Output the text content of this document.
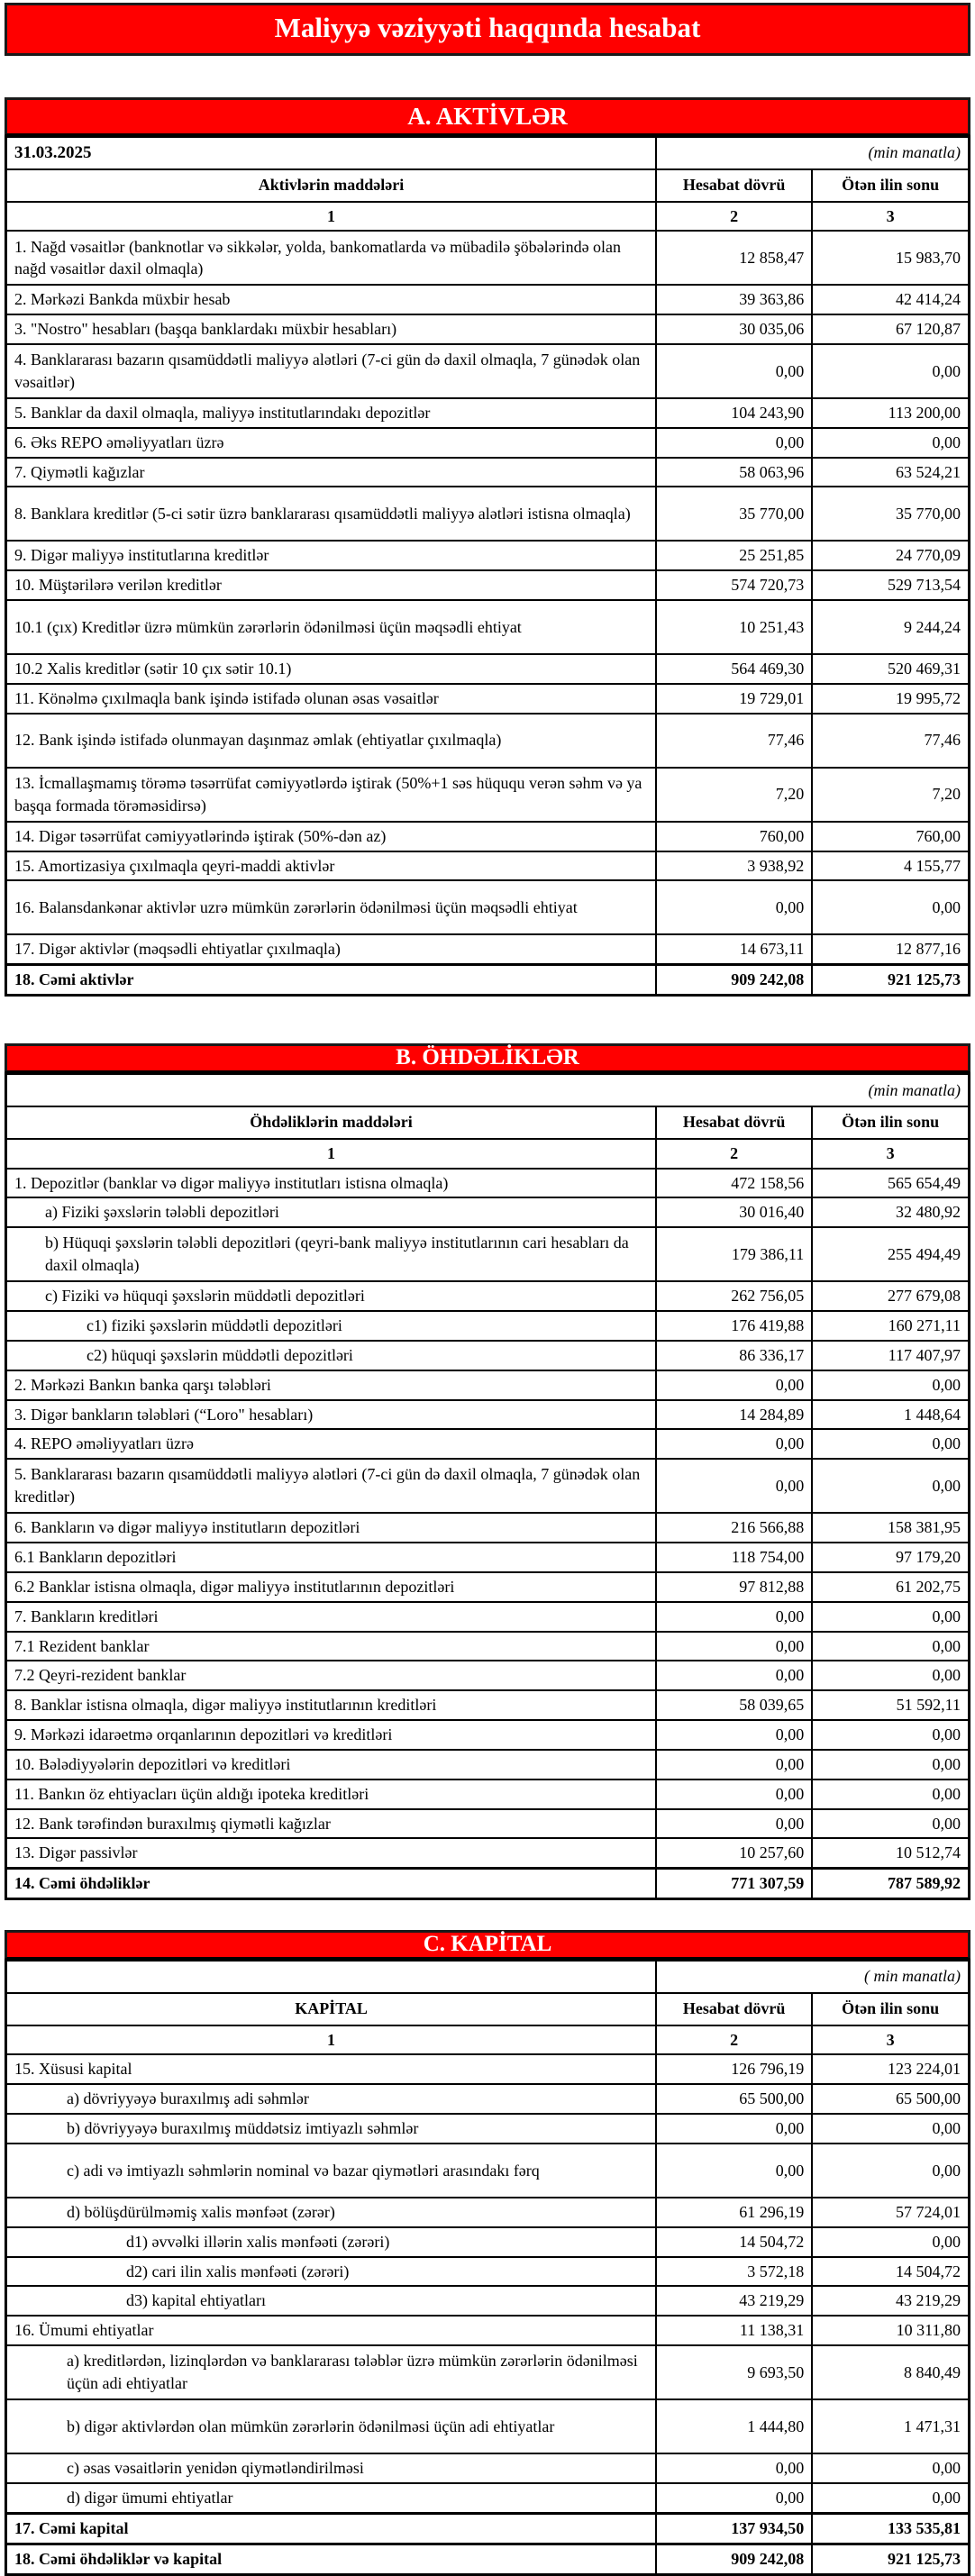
Maliyyə vəziyyəti haqqında hesabat
A. AKTİVLƏR
31.03.2025	(min manatla)	
Aktivlərin maddələri	Hesabat dövrü	Ötən ilin sonu
1	2	3
1. Nağd vəsaitlər (banknotlar və sikkələr, yolda, bankomatlarda və mübadilə şöbələrində olan nağd vəsaitlər daxil olmaqla)	12 858,47	15 983,70
2. Mərkəzi Bankda müxbir hesab	39 363,86	42 414,24
3. "Nostro" hesabları (başqa banklardakı müxbir hesabları)	30 035,06	67 120,87
4. Banklararası bazarın qısamüddətli maliyyə alətləri (7-ci gün də daxil olmaqla, 7 günədək olan vəsaitlər)	0,00	0,00
5. Banklar da daxil olmaqla, maliyyə institutlarındakı depozitlər	104 243,90	113 200,00
6. Əks REPO əməliyyatları üzrə	0,00	0,00
7. Qiymətli kağızlar	58 063,96	63 524,21
8. Banklara kreditlər (5-ci sətir üzrə banklararası qısamüddətli maliyyə alətləri istisna olmaqla)	35 770,00	35 770,00
9. Digər maliyyə institutlarına kreditlər	25 251,85	24 770,09
10. Müştərilərə verilən kreditlər	574 720,73	529 713,54
10.1 (çıx) Kreditlər üzrə mümkün zərərlərin ödənilməsi üçün məqsədli ehtiyat	10 251,43	9 244,24
10.2 Xalis kreditlər (sətir 10 çıx sətir 10.1)	564 469,30	520 469,31
11. Könəlmə çıxılmaqla bank işində istifadə olunan əsas vəsaitlər	19 729,01	19 995,72
12. Bank işində istifadə olunmayan daşınmaz əmlak (ehtiyatlar çıxılmaqla)	77,46	77,46
13. İcmallaşmamış törəmə təsərrüfat cəmiyyətlərdə iştirak (50%+1 səs hüququ verən səhm və ya başqa formada törəməsidirsə)	7,20	7,20
14. Digər təsərrüfat cəmiyyətlərində iştirak (50%-dən az)	760,00	760,00
15. Amortizasiya çıxılmaqla qeyri-maddi aktivlər	3 938,92	4 155,77
16. Balansdankənar aktivlər uzrə mümkün zərərlərin ödənilməsi üçün məqsədli ehtiyat	0,00	0,00
17. Digər aktivlər (məqsədli ehtiyatlar çıxılmaqla)	14 673,11	12 877,16
18. Cəmi aktivlər	909 242,08	921 125,73
B. ÖHDƏLİKLƏR
(min manatla)		
Öhdəliklərin maddələri	Hesabat dövrü	Ötən ilin sonu
1	2	3
1. Depozitlər (banklar və digər maliyyə institutları istisna olmaqla)	472 158,56	565 654,49
a) Fiziki şəxslərin tələbli depozitləri	30 016,40	32 480,92
b) Hüquqi şəxslərin tələbli depozitləri (qeyri-bank maliyyə institutlarının cari hesabları da daxil olmaqla)	179 386,11	255 494,49
c) Fiziki və hüquqi şəxslərin müddətli depozitləri	262 756,05	277 679,08
c1) fiziki şəxslərin müddətli depozitləri	176 419,88	160 271,11
c2) hüquqi şəxslərin müddətli depozitləri	86 336,17	117 407,97
2. Mərkəzi Bankın banka qarşı tələbləri	0,00	0,00
3. Digər bankların tələbləri (“Loro" hesabları)	14 284,89	1 448,64
4. REPO əməliyyatları üzrə	0,00	0,00
5. Banklararası bazarın qısamüddətli maliyyə alətləri (7-ci gün də daxil olmaqla, 7 günədək olan kreditlər)	0,00	0,00
6. Bankların və digər maliyyə institutların depozitləri	216 566,88	158 381,95
6.1 Bankların depozitləri	118 754,00	97 179,20
6.2 Banklar istisna olmaqla, digər maliyyə institutlarının depozitləri	97 812,88	61 202,75
7. Bankların kreditləri	0,00	0,00
7.1 Rezident banklar	0,00	0,00
7.2 Qeyri-rezident banklar	0,00	0,00
8. Banklar istisna olmaqla, digər maliyyə institutlarının kreditləri	58 039,65	51 592,11
9. Mərkəzi idarəetmə orqanlarının depozitləri və kreditləri	0,00	0,00
10. Bələdiyyələrin depozitləri və kreditləri	0,00	0,00
11. Bankın öz ehtiyacları üçün aldığı ipoteka kreditləri	0,00	0,00
12. Bank tərəfindən buraxılmış qiymətli kağızlar	0,00	0,00
13. Digər passivlər	10 257,60	10 512,74
14. Cəmi öhdəliklər	771 307,59	787 589,92
C. KAPİTAL
	( min manatla)	
KAPİTAL	Hesabat dövrü	Ötən ilin sonu
1	2	3
15. Xüsusi kapital	126 796,19	123 224,01
a) dövriyyəyə buraxılmış adi səhmlər	65 500,00	65 500,00
b) dövriyyəyə buraxılmış müddətsiz imtiyazlı səhmlər	0,00	0,00
c) adi və imtiyazlı səhmlərin nominal və bazar qiymətləri arasındakı fərq	0,00	0,00
d) bölüşdürülməmiş xalis mənfəət (zərər)	61 296,19	57 724,01
d1) əvvəlki illərin xalis mənfəəti (zərəri)	14 504,72	0,00
d2) cari ilin xalis mənfəəti (zərəri)	3 572,18	14 504,72
d3) kapital ehtiyatları	43 219,29	43 219,29
16. Ümumi ehtiyatlar	11 138,31	10 311,80
a) kreditlərdən, lizinqlərdən və banklararası tələblər üzrə mümkün zərərlərin ödənilməsi üçün adi ehtiyatlar	9 693,50	8 840,49
b) digər aktivlərdən olan mümkün zərərlərin ödənilməsi üçün adi ehtiyatlar	1 444,80	1 471,31
c) əsas vəsaitlərin yenidən qiymətləndirilməsi	0,00	0,00
d) digər ümumi ehtiyatlar	0,00	0,00
17. Cəmi kapital	137 934,50	133 535,81
18. Cəmi öhdəliklər və kapital	909 242,08	921 125,73
